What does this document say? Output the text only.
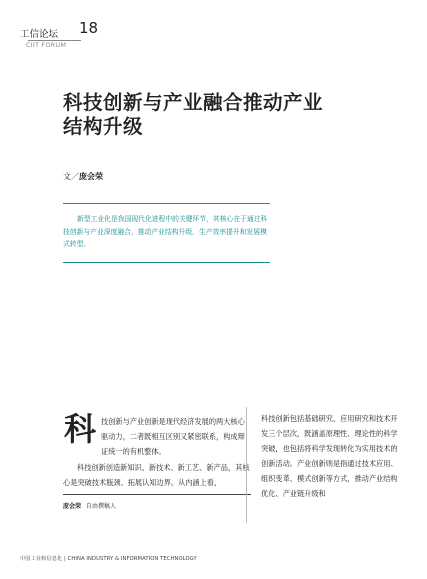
工信论坛 18
CIIT FORUM
科技创新与产业融合推动产业
结构升级
文／庞会荣
新型工业化是我国现代化进程中的关键环节，其核心在于通过科技创新与产业深度融合，推动产业结构升级、生产效率提升和发展模式转型。
科 技创新与产业创新是现代经济发展的两大核心驱动力，二者既相互区别又紧密联系，构成辩证统一的有机整体。
科技创新创造新知识、新技术、新工艺、新产品，其核心是突破技术瓶颈、拓展认知边界。从内涵上看，
庞会荣 自由撰稿人
科技创新包括基础研究、应用研究和技术开发三个层次，既涵盖原理性、理论性的科学突破，也包括将科学发现转化为实用技术的创新活动。产业创新则是指通过技术应用、组织变革、模式创新等方式，推动产业结构优化、产业链升级和
中国工业和信息化 | CHINA INDUSTRY & INFORMATION TECHNOLOGY
